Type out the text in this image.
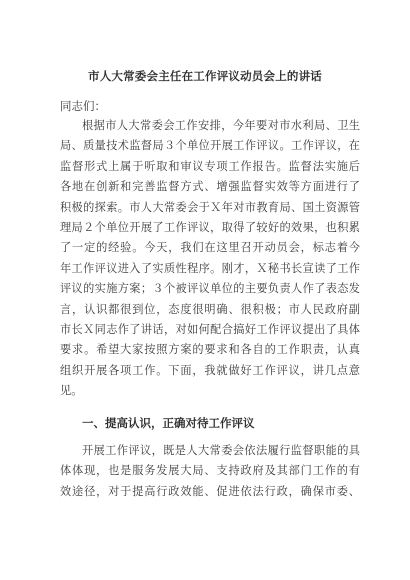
市人大常委会主任在工作评议动员会上的讲话
同志们：
根据市人大常委会工作安排，今年要对市水利局、卫生
局、质量技术监督局３个单位开展工作评议。工作评议，在
监督形式上属于听取和审议专项工作报告。监督法实施后
各地在创新和完善监督方式、增强监督实效等方面进行了
积极的探索。市人大常委会于Ｘ年对市教育局、国土资源管
理局２个单位开展了工作评议，取得了较好的效果，也积累
了一定的经验。今天，我们在这里召开动员会，标志着今
年工作评议进入了实质性程序。刚才，Ｘ秘书长宣读了工作
评议的实施方案；３个被评议单位的主要负责人作了表态发
言，认识都很到位，态度很明确、很积极；市人民政府副
市长Ｘ同志作了讲话，对如何配合搞好工作评议提出了具体
要求。希望大家按照方案的要求和各自的工作职责，认真
组织开展各项工作。下面，我就做好工作评议，讲几点意
见。
一、提高认识，正确对待工作评议
开展工作评议，既是人大常委会依法履行监督职能的具
体体现，也是服务发展大局、支持政府及其部门工作的有
效途径，对于提高行政效能、促进依法行政，确保市委、
